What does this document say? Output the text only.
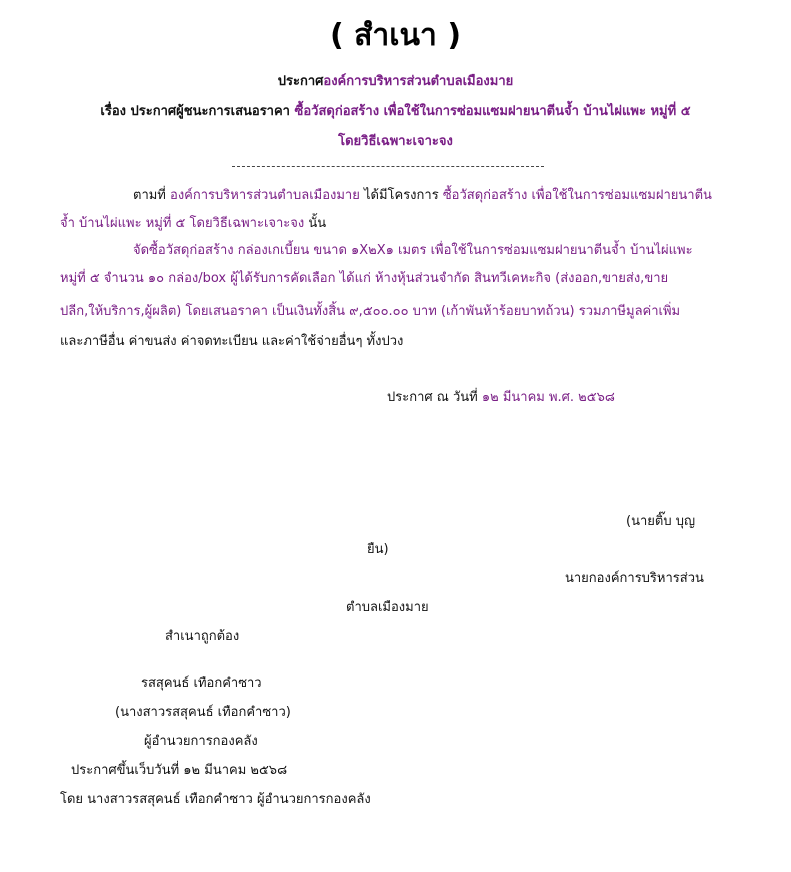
( สำเนา )
ประกาศองค์การบริหารส่วนตำบลเมืองมาย
เรื่อง ประกาศผู้ชนะการเสนอราคา ซื้อวัสดุก่อสร้าง เพื่อใช้ในการซ่อมแซมฝายนาตีนจ้ำ บ้านไผ่แพะ หมู่ที่ ๕
โดยวิธีเฉพาะเจาะจง
ตามที่ องค์การบริหารส่วนตำบลเมืองมาย ได้มีโครงการ ซื้อวัสดุก่อสร้าง เพื่อใช้ในการซ่อมแซมฝายนาตีน
จ้ำ บ้านไผ่แพะ หมู่ที่ ๕ โดยวิธีเฉพาะเจาะจง นั้น
จัดซื้อวัสดุก่อสร้าง กล่องเกเบี้ยน ขนาด ๑X๒X๑ เมตร เพื่อใช้ในการซ่อมแซมฝายนาตีนจ้ำ บ้านไผ่แพะ
หมู่ที่ ๕ จำนวน ๑๐ กล่อง/box ผู้ได้รับการคัดเลือก ได้แก่ ห้างหุ้นส่วนจำกัด สินทวีเคหะกิจ (ส่งออก,ขายส่ง,ขาย
ปลีก,ให้บริการ,ผู้ผลิต) โดยเสนอราคา เป็นเงินทั้งสิ้น ๙,๕๐๐.๐๐ บาท (เก้าพันห้าร้อยบาทถ้วน) รวมภาษีมูลค่าเพิ่ม
และภาษีอื่น ค่าขนส่ง ค่าจดทะเบียน และค่าใช้จ่ายอื่นๆ ทั้งปวง
ประกาศ ณ วันที่ ๑๒ มีนาคม พ.ศ. ๒๕๖๘
(นายติ๊บ บุญ
ยืน)
นายกองค์การบริหารส่วน
ตำบลเมืองมาย
สำเนาถูกต้อง
รสสุคนธ์ เทือกคำซาว
(นางสาวรสสุคนธ์ เทือกคำซาว)
ผู้อำนวยการกองคลัง
ประกาศขึ้นเว็บวันที่ ๑๒ มีนาคม ๒๕๖๘
โดย นางสาวรสสุคนธ์ เทือกคำซาว ผู้อำนวยการกองคลัง
